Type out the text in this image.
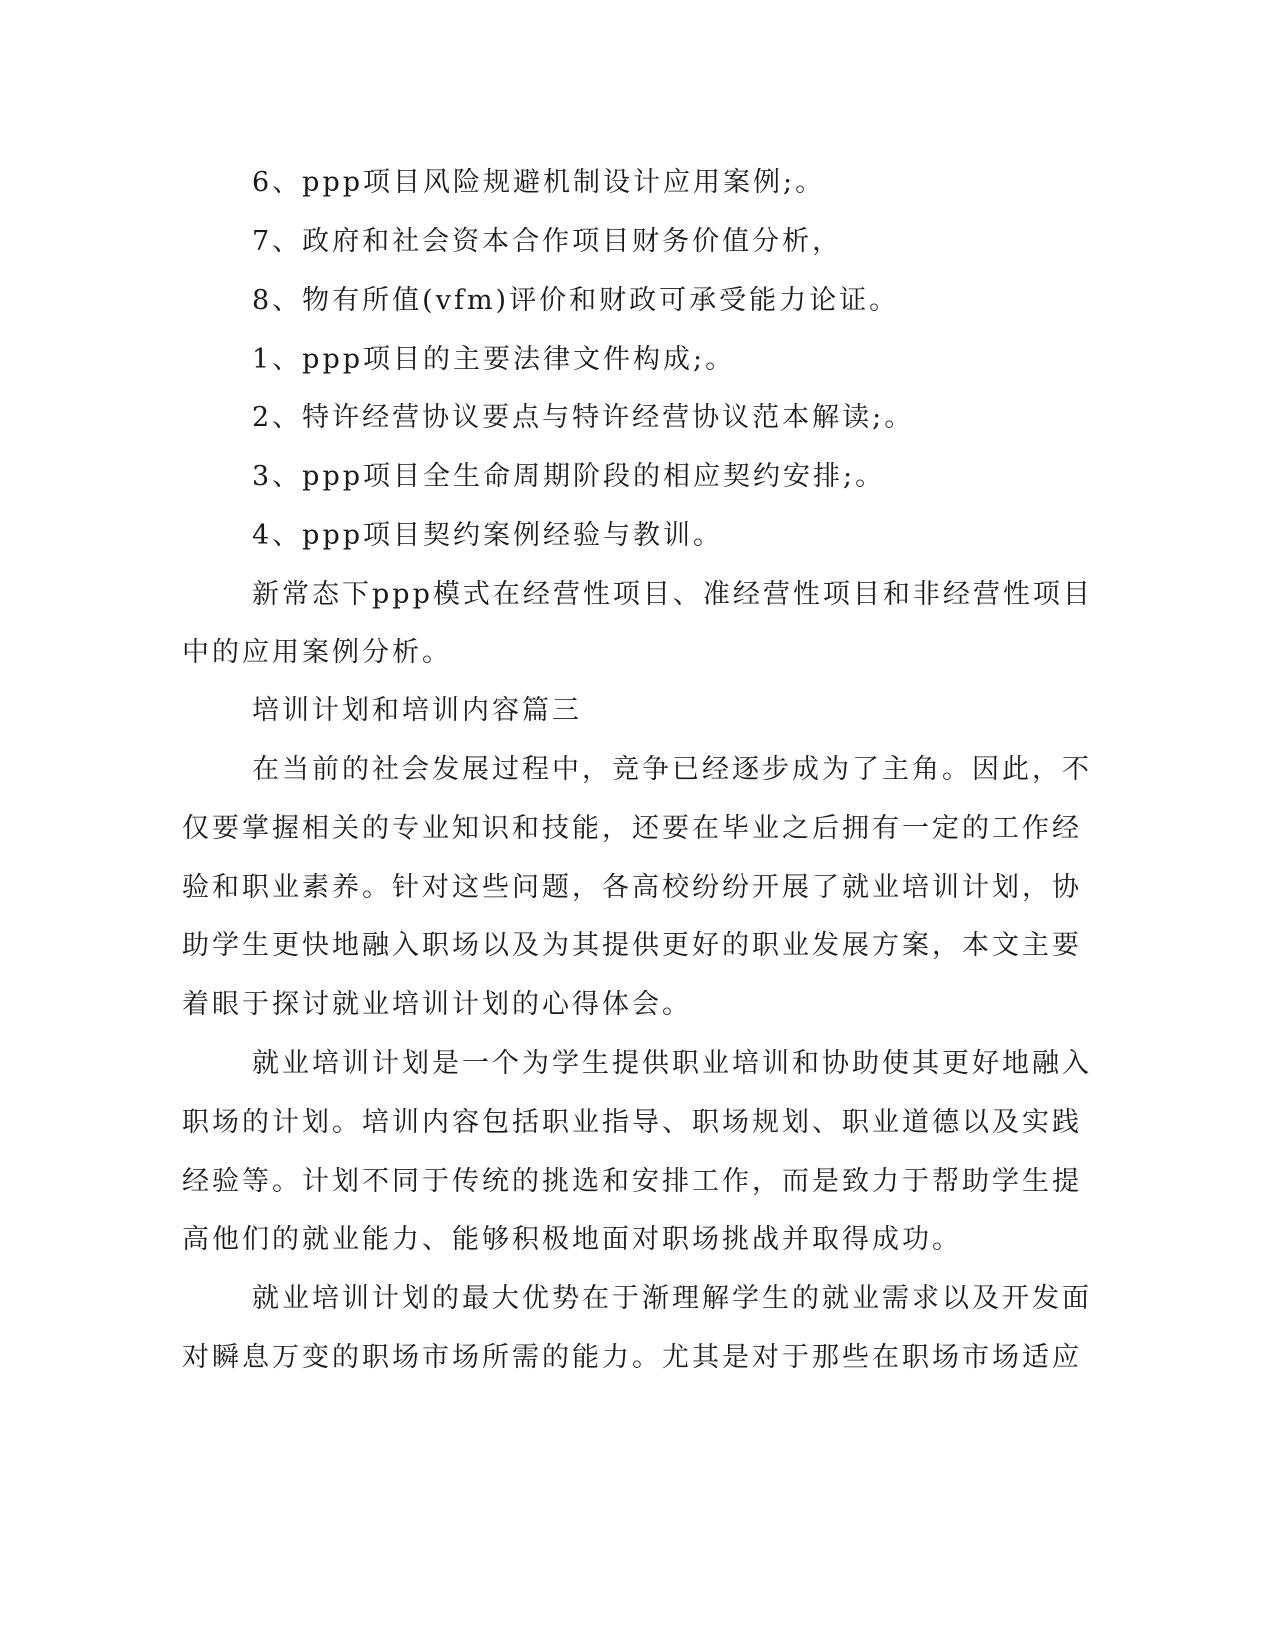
6、ppp项目风险规避机制设计应用案例;。
7、政府和社会资本合作项目财务价值分析，
8、物有所值(vfm)评价和财政可承受能力论证。
1、ppp项目的主要法律文件构成;。
2、特许经营协议要点与特许经营协议范本解读;。
3、ppp项目全生命周期阶段的相应契约安排;。
4、ppp项目契约案例经验与教训。
新常态下ppp模式在经营性项目、准经营性项目和非经营性项目
中的应用案例分析。
培训计划和培训内容篇三
在当前的社会发展过程中，竞争已经逐步成为了主角。因此，不
仅要掌握相关的专业知识和技能，还要在毕业之后拥有一定的工作经
验和职业素养。针对这些问题，各高校纷纷开展了就业培训计划，协
助学生更快地融入职场以及为其提供更好的职业发展方案，本文主要
着眼于探讨就业培训计划的心得体会。
就业培训计划是一个为学生提供职业培训和协助使其更好地融入
职场的计划。培训内容包括职业指导、职场规划、职业道德以及实践
经验等。计划不同于传统的挑选和安排工作，而是致力于帮助学生提
高他们的就业能力、能够积极地面对职场挑战并取得成功。
就业培训计划的最大优势在于渐理解学生的就业需求以及开发面
对瞬息万变的职场市场所需的能力。尤其是对于那些在职场市场适应
